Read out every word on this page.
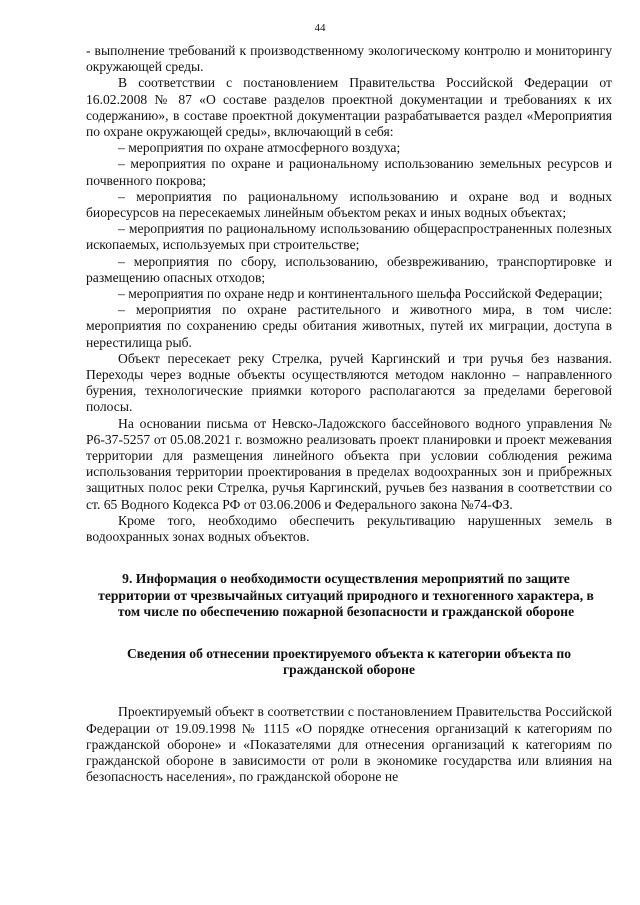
44

- выполнение требований к производственному экологическому контролю и мониторингу окружающей среды.

В соответствии с постановлением Правительства Российской Федерации от 16.02.2008 № 87 «О составе разделов проектной документации и требованиях к их содержанию», в составе проектной документации разрабатывается раздел «Мероприятия по охране окружающей среды», включающий в себя:

– мероприятия по охране атмосферного воздуха;

– мероприятия по охране и рациональному использованию земельных ресурсов и почвенного покрова;

– мероприятия по рациональному использованию и охране вод и водных биоресурсов на пересекаемых линейным объектом реках и иных водных объектах;

– мероприятия по рациональному использованию общераспространенных полезных ископаемых, используемых при строительстве;

– мероприятия по сбору, использованию, обезвреживанию, транспортировке и размещению опасных отходов;

– мероприятия по охране недр и континентального шельфа Российской Федерации;

– мероприятия по охране растительного и животного мира, в том числе: мероприятия по сохранению среды обитания животных, путей их миграции, доступа в нерестилища рыб.

Объект пересекает реку Стрелка, ручей Каргинский и три ручья без названия. Переходы через водные объекты осуществляются методом наклонно – направленного бурения, технологические приямки которого располагаются за пределами береговой полосы.

На основании письма от Невско-Ладожского бассейнового водного управления № Р6-37-5257 от 05.08.2021 г. возможно реализовать проект планировки и проект межевания территории для размещения линейного объекта при условии соблюдения режима использования территории проектирования в пределах водоохранных зон и прибрежных защитных полос реки Стрелка, ручья Каргинский, ручьев без названия в соответствии со ст. 65 Водного Кодекса РФ от 03.06.2006 и Федерального закона №74-ФЗ.

Кроме того, необходимо обеспечить рекультивацию нарушенных земель в водоохранных зонах водных объектов.

9. Информация о необходимости осуществления мероприятий по защите территории от чрезвычайных ситуаций природного и техногенного характера, в том числе по обеспечению пожарной безопасности и гражданской обороне
Сведения об отнесении проектируемого объекта к категории объекта по гражданской обороне

Проектируемый объект в соответствии с постановлением Правительства Российской Федерации от 19.09.1998 № 1115 «О порядке отнесения организаций к категориям по гражданской обороне» и «Показателями для отнесения организаций к категориям по гражданской обороне в зависимости от роли в экономике государства или влияния на безопасность населения», по гражданской обороне не
